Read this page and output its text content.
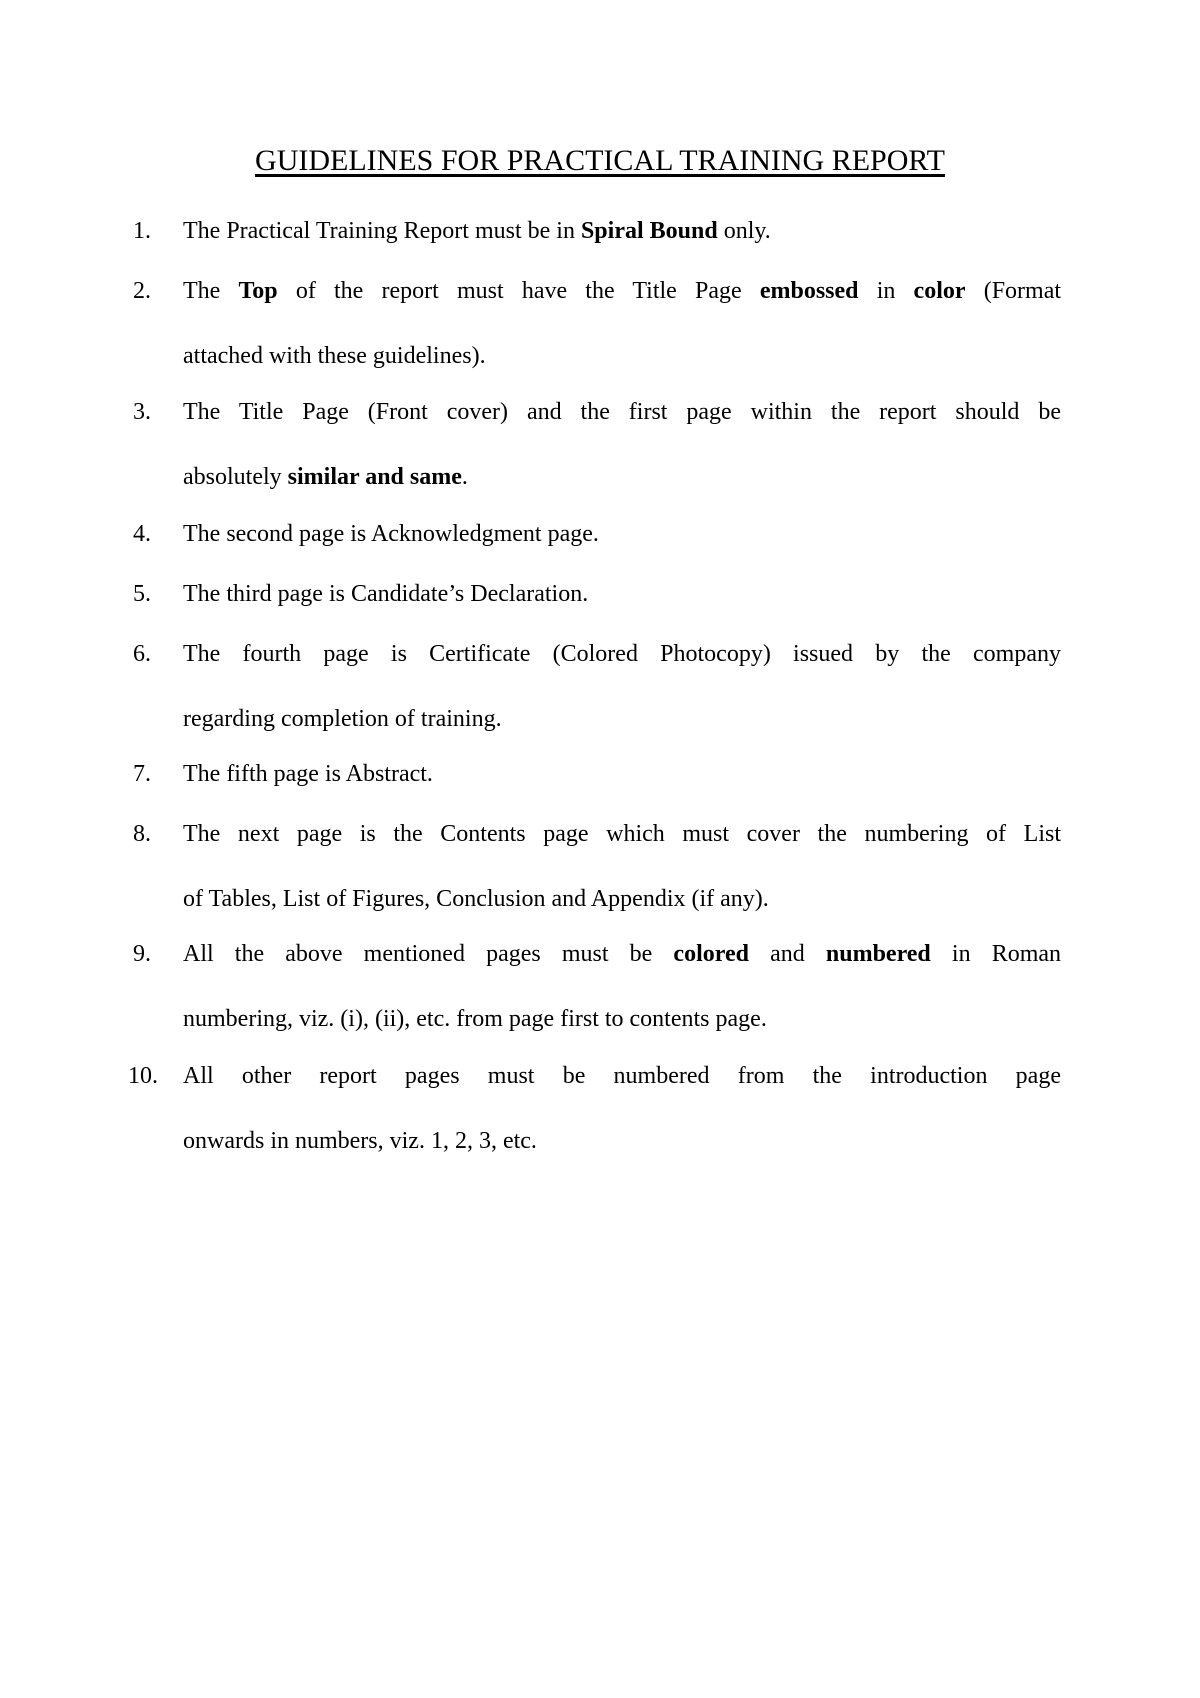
GUIDELINES FOR PRACTICAL TRAINING REPORT
1.	The Practical Training Report must be in Spiral Bound only.
2.	The Top of the report must have the Title Page embossed in color (Format
attached with these guidelines).
3.	The Title Page (Front cover) and the first page within the report should be
absolutely similar and same.
4.	The second page is Acknowledgment page.
5.	The third page is Candidate’s Declaration.
6.	The fourth page is Certificate (Colored Photocopy) issued by the company
regarding completion of training.
7.	The fifth page is Abstract.
8.	The next page is the Contents page which must cover the numbering of List
of Tables, List of Figures, Conclusion and Appendix (if any).
9.	All the above mentioned pages must be colored and numbered in Roman
numbering, viz. (i), (ii), etc. from page first to contents page.
10.	All other report pages must be numbered from the introduction page
onwards in numbers, viz. 1, 2, 3, etc.
